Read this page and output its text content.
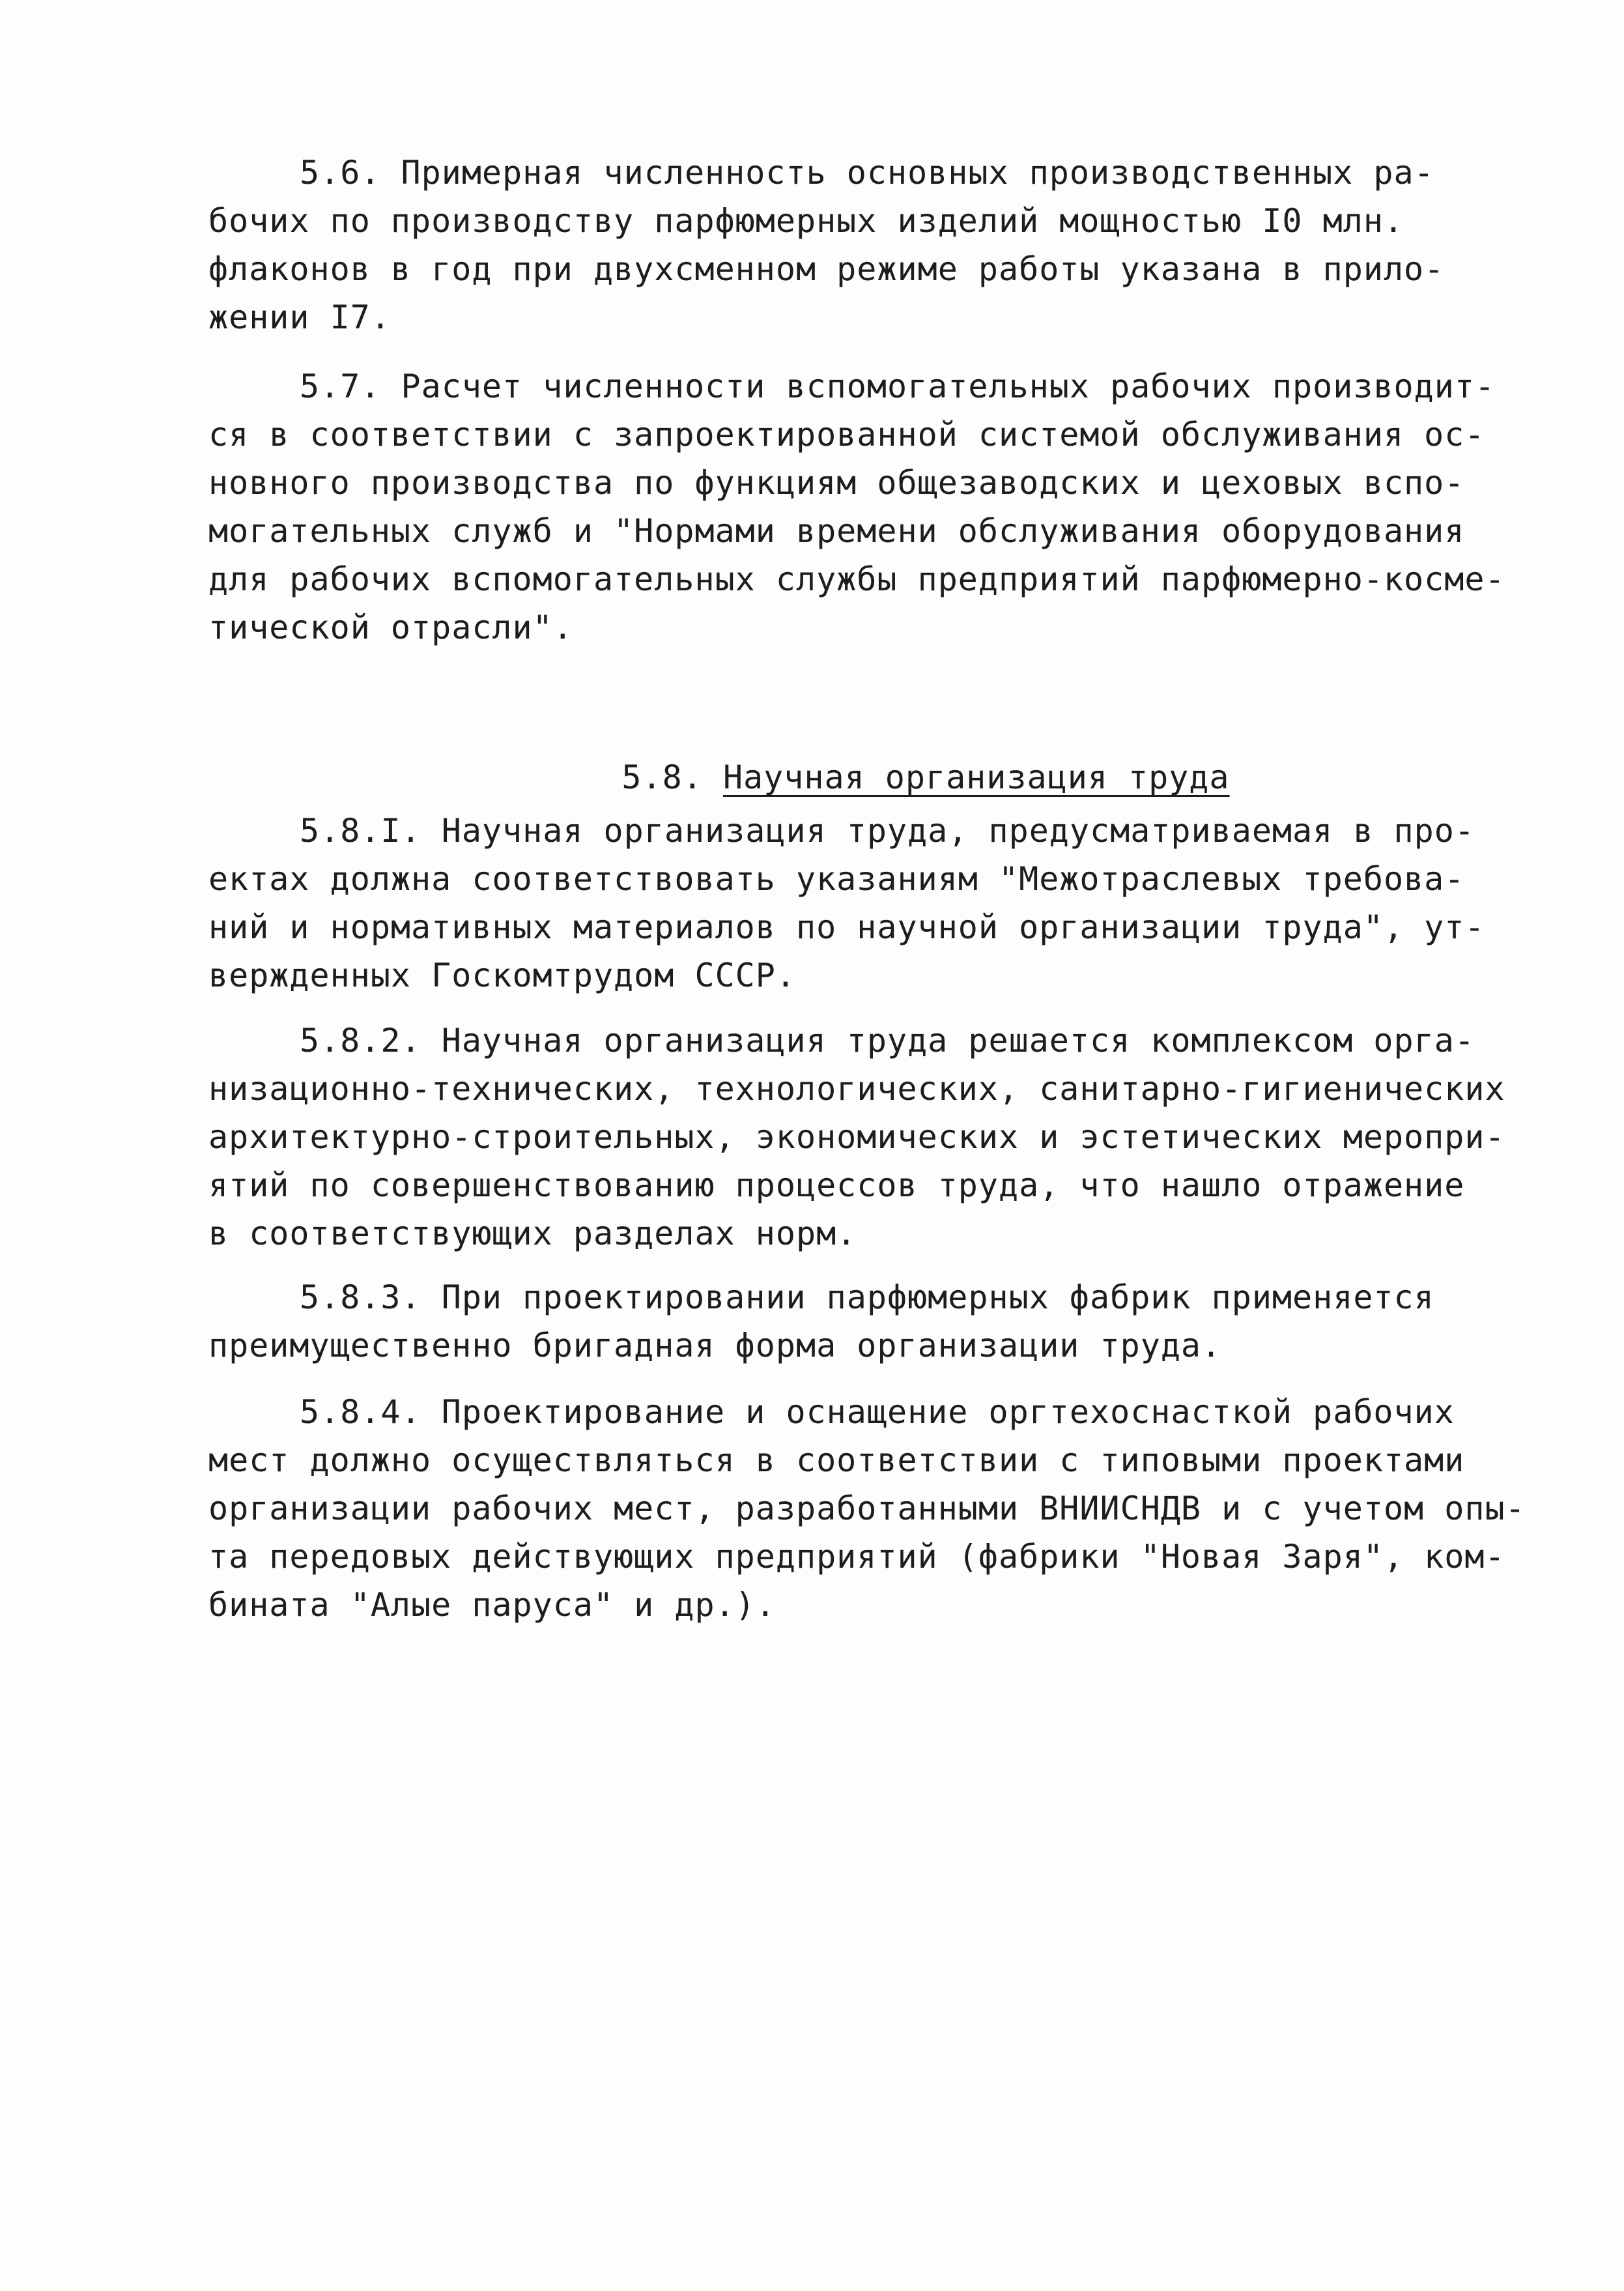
5.6. Примерная численность основных производственных ра-
бочих по производству парфюмерных изделий мощностью I0 млн.
флаконов в год при двухсменном режиме работы указана в прило-
жении I7.
5.7. Расчет численности вспомогательных рабочих производит-
ся в соответствии с запроектированной системой обслуживания ос-
новного производства по функциям общезаводских и цеховых вспо-
могательных служб и "Нормами времени обслуживания оборудования
для рабочих вспомогательных службы предприятий парфюмерно-косме-
тической отрасли".

5.8. Научная организация труда

5.8.I. Научная организация труда, предусматриваемая в про-
ектах должна соответствовать указаниям "Межотраслевых требова-
ний и нормативных материалов по научной организации труда", ут-
вержденных Госкомтрудом СССР.
5.8.2. Научная организация труда решается комплексом орга-
низационно-технических, технологических, санитарно-гигиенических
архитектурно-строительных, экономических и эстетических меропри-
ятий по совершенствованию процессов труда, что нашло отражение
в соответствующих разделах норм.
5.8.3. При проектировании парфюмерных фабрик применяется
преимущественно бригадная форма организации труда.
5.8.4. Проектирование и оснащение оргтехоснасткой рабочих
мест должно осуществляться в соответствии с типовыми проектами
организации рабочих мест, разработанными ВНИИСНДВ и с учетом опы-
та передовых действующих предприятий (фабрики "Новая Заря", ком-
бината "Алые паруса" и др.).
